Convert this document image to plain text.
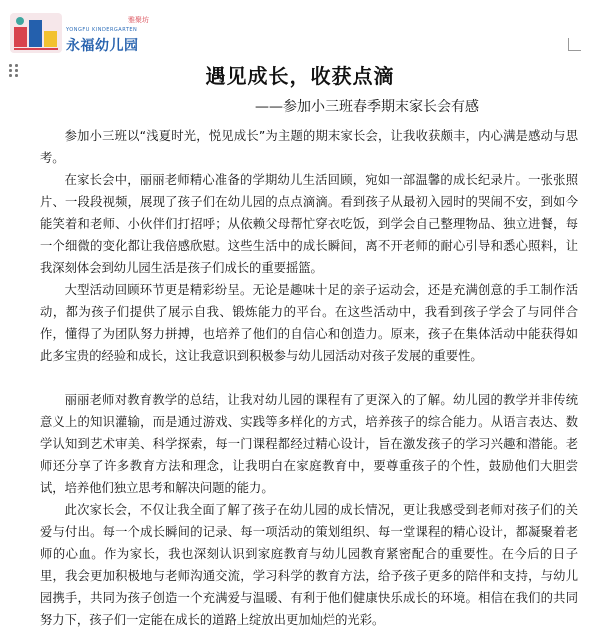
雅聚坊
YONGFU KINDERGARTEN
永福幼儿园
遇见成长，收获点滴
——参加小三班春季期末家长会有感

参加小三班以“浅夏时光，悦见成长”为主题的期末家长会，让我收获颇丰，内心满是感动与思考。

在家长会中，丽丽老师精心准备的学期幼儿生活回顾，宛如一部温馨的成长纪录片。一张张照片、一段段视频，展现了孩子们在幼儿园的点点滴滴。看到孩子从最初入园时的哭闹不安，到如今能笑着和老师、小伙伴们打招呼；从依赖父母帮忙穿衣吃饭，到学会自己整理物品、独立进餐，每一个细微的变化都让我倍感欣慰。这些生活中的成长瞬间，离不开老师的耐心引导和悉心照料，让我深刻体会到幼儿园生活是孩子们成长的重要摇篮。

大型活动回顾环节更是精彩纷呈。无论是趣味十足的亲子运动会，还是充满创意的手工制作活动，都为孩子们提供了展示自我、锻炼能力的平台。在这些活动中，我看到孩子学会了与同伴合作，懂得了为团队努力拼搏，也培养了他们的自信心和创造力。原来，孩子在集体活动中能获得如此多宝贵的经验和成长，这让我意识到积极参与幼儿园活动对孩子发展的重要性。

丽丽老师对教育教学的总结，让我对幼儿园的课程有了更深入的了解。幼儿园的教学并非传统意义上的知识灌输，而是通过游戏、实践等多样化的方式，培养孩子的综合能力。从语言表达、数学认知到艺术审美、科学探索，每一门课程都经过精心设计，旨在激发孩子的学习兴趣和潜能。老师还分享了许多教育方法和理念，让我明白在家庭教育中，要尊重孩子的个性，鼓励他们大胆尝试，培养他们独立思考和解决问题的能力。

此次家长会，不仅让我全面了解了孩子在幼儿园的成长情况，更让我感受到老师对孩子们的关爱与付出。每一个成长瞬间的记录、每一项活动的策划组织、每一堂课程的精心设计，都凝聚着老师的心血。作为家长，我也深刻认识到家庭教育与幼儿园教育紧密配合的重要性。在今后的日子里，我会更加积极地与老师沟通交流，学习科学的教育方法，给予孩子更多的陪伴和支持，与幼儿园携手，共同为孩子创造一个充满爱与温暖、有利于他们健康快乐成长的环境。相信在我们的共同努力下，孩子们一定能在成长的道路上绽放出更加灿烂的光彩。
